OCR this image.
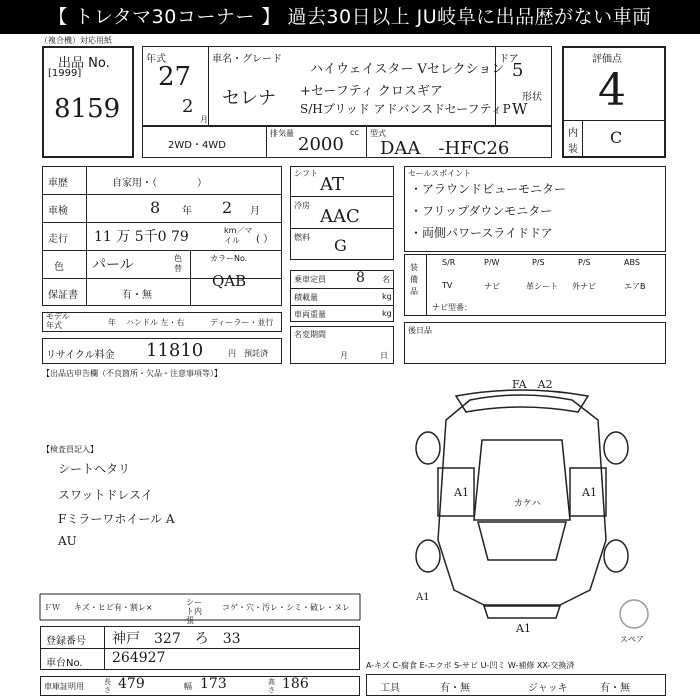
【 トレタマ30コーナー 】 過去30日以上 JU岐阜に出品歴がない車両
（複合機）対応用紙
出品 No.
[1999]
8159
年式
27
2
月
車名・グレード
セレナ
ハイウェイスター Vセレクション
+セーフティ クロスギア
S/Hブリッド アドバンスドセーフティP
ドア
5
形状
W
評価点
4
内
装
C
2WD・4WD
排気量
2000
cc 型式
DAA　-HFC26
車歴	自家用・（　　　　）
車検	8 年 2 月
走行 11 万 5千0 79	km／マイル	( ）
色 パール	色替
保証書	有・無
カラーNo.
QAB
モデル年式	年 ハンドル 左・右	ディーラー・並行
リサイクル料金 11810	円 預託済
シフト
AT
冷房
AAC
燃料 G
乗車定員 8 名
積載量	kg
車両重量	kg
名変期間
月	日
セールスポイント
・アラウンドビューモニター
・フリップダウンモニター
・両側パワースライドドア
装備品
S/R	P/W	P/S	P/S	ABS
TV	ナビ	革シート 外ナビ	エアB
ナビ型番：
後日品
【出品店申告欄（不良箇所・欠品・注意事項等）】
【検査員記入】
シートヘタリ
スワットドレスイ
Fミラーワホイール A
AU
FA　A2
A1	A1
カケハ
A1
A1
スペア
ＦＷ キズ・ヒビ有・割レ×
シート内張
コゲ・穴・汚レ・シミ・破レ・ヌレ
登録番号 神戸　327　ろ　33
車台No. 264927
車庫証明用	長さ 479	幅 173	高さ 186
A-キズ C-腐食 E-エクボ S-サビ U-凹ミ W-補修 XX-交換済
工具	有・無	ジャッキ	有・無
